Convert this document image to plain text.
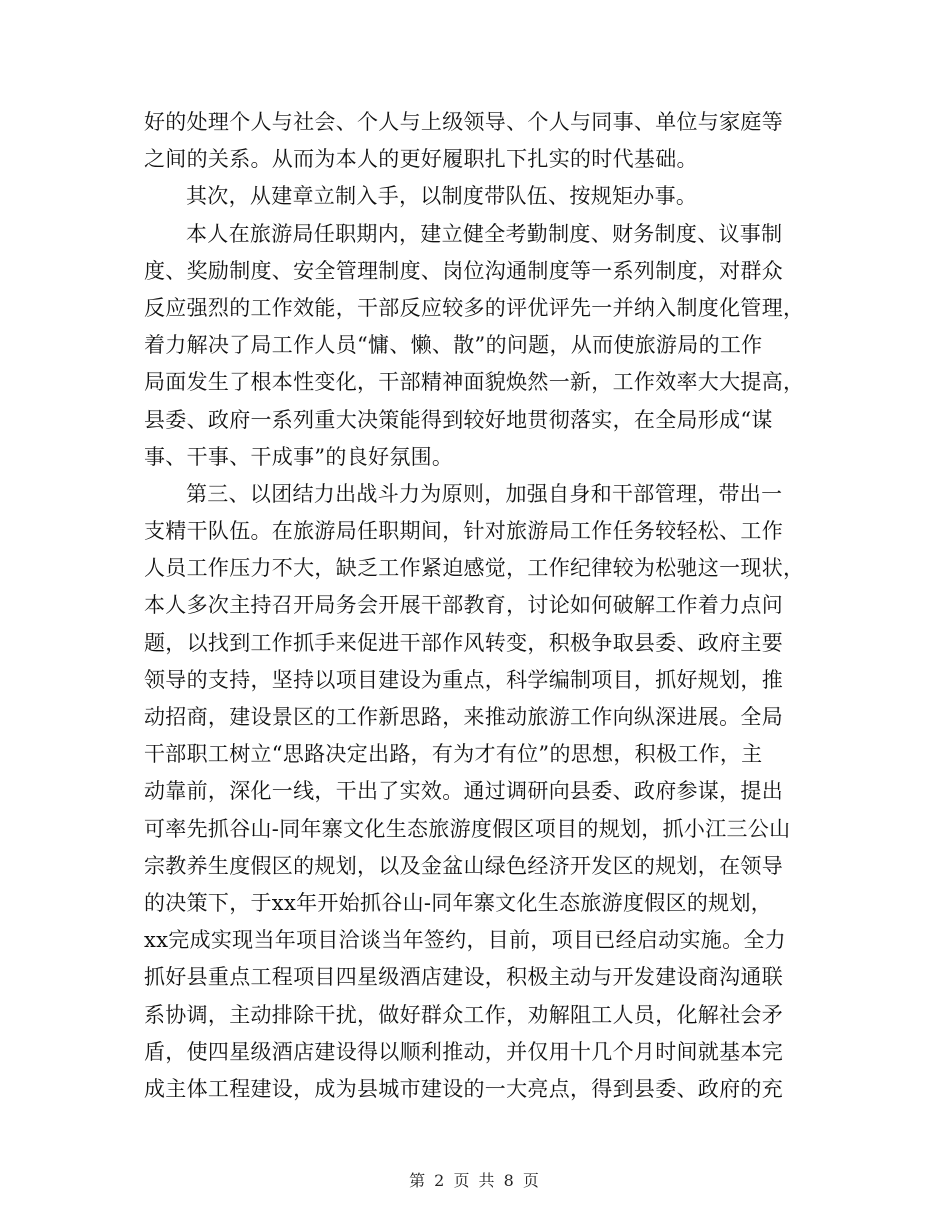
好的处理个人与社会、个人与上级领导、个人与同事、单位与家庭等
之间的关系。从而为本人的更好履职扎下扎实的时代基础。
其次，从建章立制入手，以制度带队伍、按规矩办事。
本人在旅游局任职期内，建立健全考勤制度、财务制度、议事制
度、奖励制度、安全管理制度、岗位沟通制度等一系列制度，对群众
反应强烈的工作效能，干部反应较多的评优评先一并纳入制度化管理，
着力解决了局工作人员“慵、懒、散”的问题，从而使旅游局的工作
局面发生了根本性变化，干部精神面貌焕然一新，工作效率大大提高，
县委、政府一系列重大决策能得到较好地贯彻落实，在全局形成“谋
事、干事、干成事”的良好氛围。
第三、以团结力出战斗力为原则，加强自身和干部管理，带出一
支精干队伍。在旅游局任职期间，针对旅游局工作任务较轻松、工作
人员工作压力不大，缺乏工作紧迫感觉，工作纪律较为松驰这一现状，
本人多次主持召开局务会开展干部教育，讨论如何破解工作着力点问
题，以找到工作抓手来促进干部作风转变，积极争取县委、政府主要
领导的支持，坚持以项目建设为重点，科学编制项目，抓好规划，推
动招商，建设景区的工作新思路，来推动旅游工作向纵深进展。全局
干部职工树立“思路决定出路，有为才有位”的思想，积极工作，主
动靠前，深化一线，干出了实效。通过调研向县委、政府参谋，提出
可率先抓谷山-同年寨文化生态旅游度假区项目的规划，抓小江三公山
宗教养生度假区的规划，以及金盆山绿色经济开发区的规划，在领导
的决策下，于xx年开始抓谷山-同年寨文化生态旅游度假区的规划，
xx完成实现当年项目洽谈当年签约，目前，项目已经启动实施。全力
抓好县重点工程项目四星级酒店建设，积极主动与开发建设商沟通联
系协调，主动排除干扰，做好群众工作，劝解阻工人员，化解社会矛
盾，使四星级酒店建设得以顺利推动，并仅用十几个月时间就基本完
成主体工程建设，成为县城市建设的一大亮点，得到县委、政府的充
第 2 页 共 8 页
